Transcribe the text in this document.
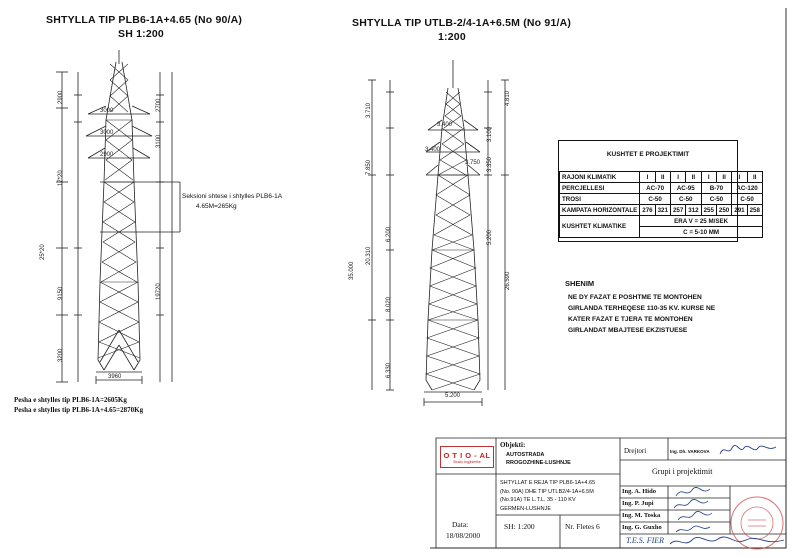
SHTYLLA TIP PLB6-1A+4.65 (No 90/A)
SH 1:200
SHTYLLA TIP UTLB-2/4-1A+6.5M (No 91/A)
1:200
2900
2700
3100
3000
3000
2900
17*20
25*20
9150	19720
3200
3960
Seksioni shtese i shtylles PLB6-1A
4.65M=265Kg
Pesha e shtylles tip PLB6-1A=2605Kg
Pesha e shtylles tip PLB6-1A+4.65=2870Kg
3.710
4.810
3.100
3.350
3.400
3.400
3.750
6.200
8.020
7.850
20.310
5.200
26.590
6.330
35.000
5.200
KUSHTET E PROJEKTIMIT
RAJONI KLIMATIK	I	II	I	II	I	II	I	II
PERCJELLESI	AC-70		AC-95		B-70		AC-120	
TROSI	C-50		C-50		C-50		C-50	
KAMPATA HORIZONTALE	276	321	257	312	255	250	291	258
KUSHTET KLIMATIKE	ERA V = 25 M/SEK							
	C = 5-10 MM							
SHENIM
NE DY FAZAT E POSHTME TE MONTOHEN
GIRLANDA TERHEQESE 110-35 KV. KURSE NE
KATER FAZAT E TJERA TE MONTOHEN
GIRLANDAT MBAJTESE EKZISTUESE
O T I O - AL
Studio Ingjinierike
Objekti:
AUTOSTRADA
RROGOZHINE-LUSHNJE
SHTYLLAT E REJA TIP PLB6-1A+4.65
(No. 90A) DHE TIP UTLB2/4-1A+6.5M
(No.91A) TE L.T.L. 35 - 110 KV
GERMEN-LUSHNJE
Data:
18/08/2000
SH: 1:200	Nr. Fletes 6
Drejtori	Ing. Dh. VARKOVA
Grupi i projektimit
Ing. A. Hido
Ing. P. Jupi
Ing. M. Toska
Ing. G. Guxho
T.E.S. FIER
